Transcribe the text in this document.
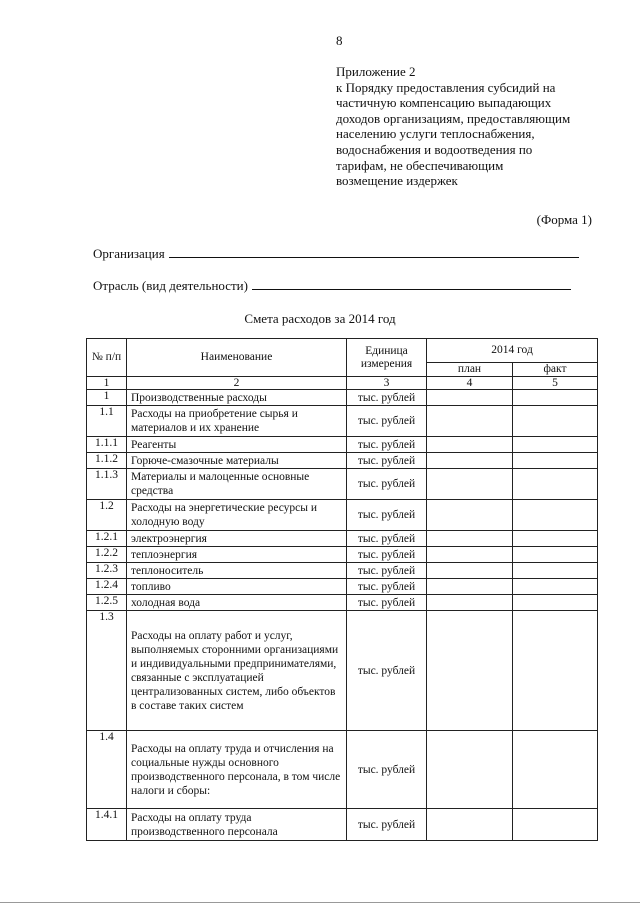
8
Приложение 2
к Порядку предоставления субсидий на
частичную компенсацию выпадающих
доходов организациям, предоставляющим
населению услуги теплоснабжения,
водоснабжения и водоотведения по
тарифам, не обеспечивающим
возмещение издержек
(Форма 1)
Организация
Отрасль (вид деятельности)
Смета расходов за 2014 год
№ п/п	Наименование	Единица измерения	2014 год	
			план	факт
1	2	3	4	5
1	Производственные расходы	тыс. рублей		
1.1	Расходы на приобретение сырья и материалов и их хранение	тыс. рублей		
1.1.1	Реагенты	тыс. рублей		
1.1.2	Горюче-смазочные материалы	тыс. рублей		
1.1.3	Материалы и малоценные основные средства	тыс. рублей		
1.2	Расходы на энергетические ресурсы и холодную воду	тыс. рублей		
1.2.1	электроэнергия	тыс. рублей		
1.2.2	теплоэнергия	тыс. рублей		
1.2.3	теплоноситель	тыс. рублей		
1.2.4	топливо	тыс. рублей		
1.2.5	холодная вода	тыс. рублей		
1.3	Расходы на оплату работ и услуг, выполняемых сторонними организациями и индивидуальными предпринимателями, связанные с эксплуатацией централизованных систем, либо объектов в составе таких систем	тыс. рублей		
1.4	Расходы на оплату труда и отчисления на социальные нужды основного производственного персонала, в том числе налоги и сборы:	тыс. рублей		
1.4.1	Расходы на оплату труда производственного персонала	тыс. рублей		
